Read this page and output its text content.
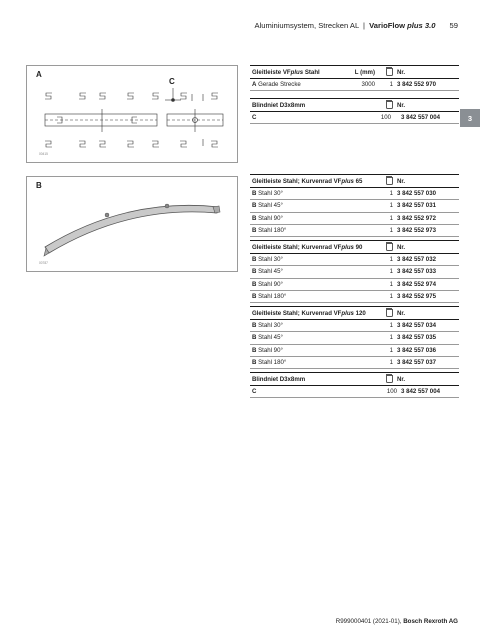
Aluminiumsystem, Strecken AL | VarioFlow plus 3.0 59
3
A
C
00415
B
00787
Gleitleiste VFplus Stahl	L (mm)	Nr.
A Gerade Strecke	3000	1 3 842 552 970
Blindniet D3x8mm	Nr.
C	100	3 842 557 004
Gleitleiste Stahl; Kurvenrad VFplus 65	Nr.
B Stahl 30°	1 3 842 557 030
B Stahl 45°	1 3 842 557 031
B Stahl 90°	1 3 842 552 972
B Stahl 180°	1 3 842 552 973
Gleitleiste Stahl; Kurvenrad VFplus 90	Nr.
B Stahl 30°	1 3 842 557 032
B Stahl 45°	1 3 842 557 033
B Stahl 90°	1 3 842 552 974
B Stahl 180°	1 3 842 552 975
Gleitleiste Stahl; Kurvenrad VFplus 120	Nr.
B Stahl 30°	1 3 842 557 034
B Stahl 45°	1 3 842 557 035
B Stahl 90°	1 3 842 557 036
B Stahl 180°	1 3 842 557 037
Blindniet D3x8mm	Nr.
C	100 3 842 557 004
R999000401 (2021-01), Bosch Rexroth AG
